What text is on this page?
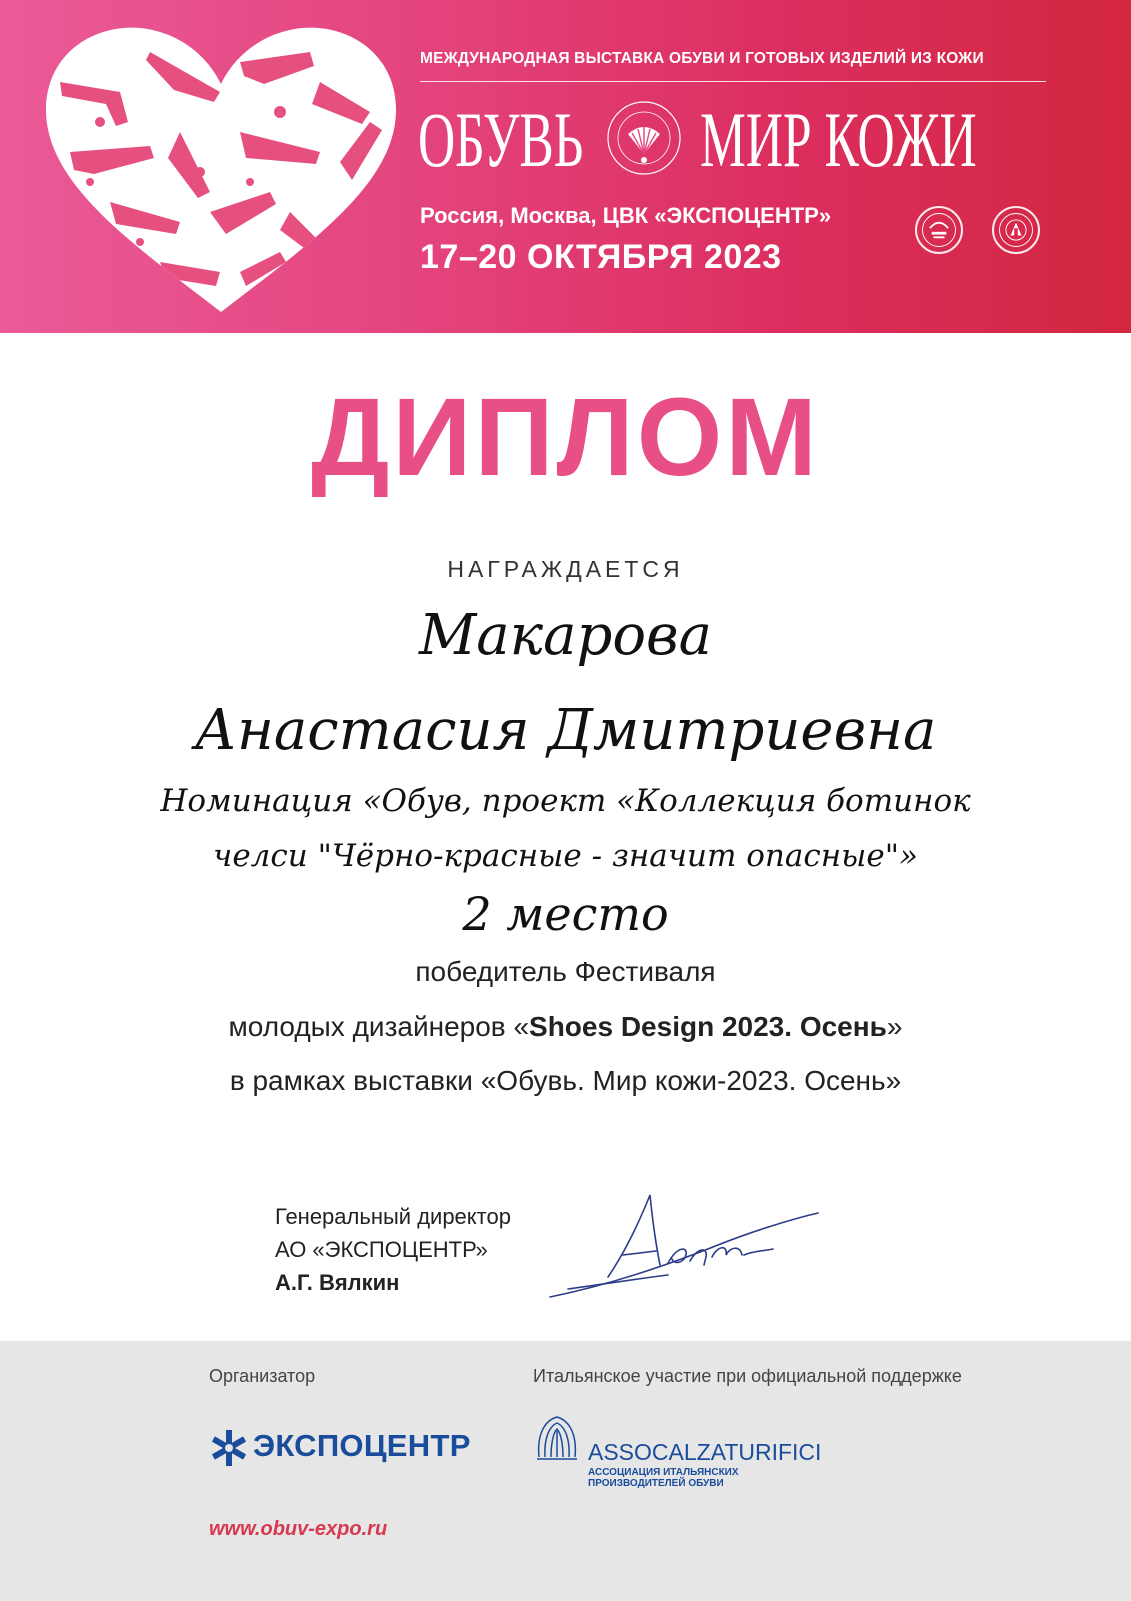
МЕЖДУНАРОДНАЯ ВЫСТАВКА ОБУВИ И ГОТОВЫХ ИЗДЕЛИЙ ИЗ КОЖИ
ОБУВЬ МИР КОЖИ
Россия, Москва, ЦВК «ЭКСПОЦЕНТР»
17–20 ОКТЯБРЯ 2023
ДИПЛОМ
НАГРАЖДАЕТСЯ
Макарова
Анастасия Дмитриевна
Номинация «Обув, проект «Коллекция ботинок
челси "Чёрно-красные - значит опасные"»
2 место
победитель Фестиваля
молодых дизайнеров «Shoes Design 2023. Осень»
в рамках выставки «Обувь. Мир кожи-2023. Осень»
Генеральный директор
АО «ЭКСПОЦЕНТР»
А.Г. Вялкин
Организатор	Итальянское участие при официальной поддержке
ЭКСПОЦЕНТР	ASSOCALZATURIFICI
АССОЦИАЦИЯ ИТАЛЬЯНСКИХ ПРОИЗВОДИТЕЛЕЙ ОБУВИ
www.obuv-expo.ru
